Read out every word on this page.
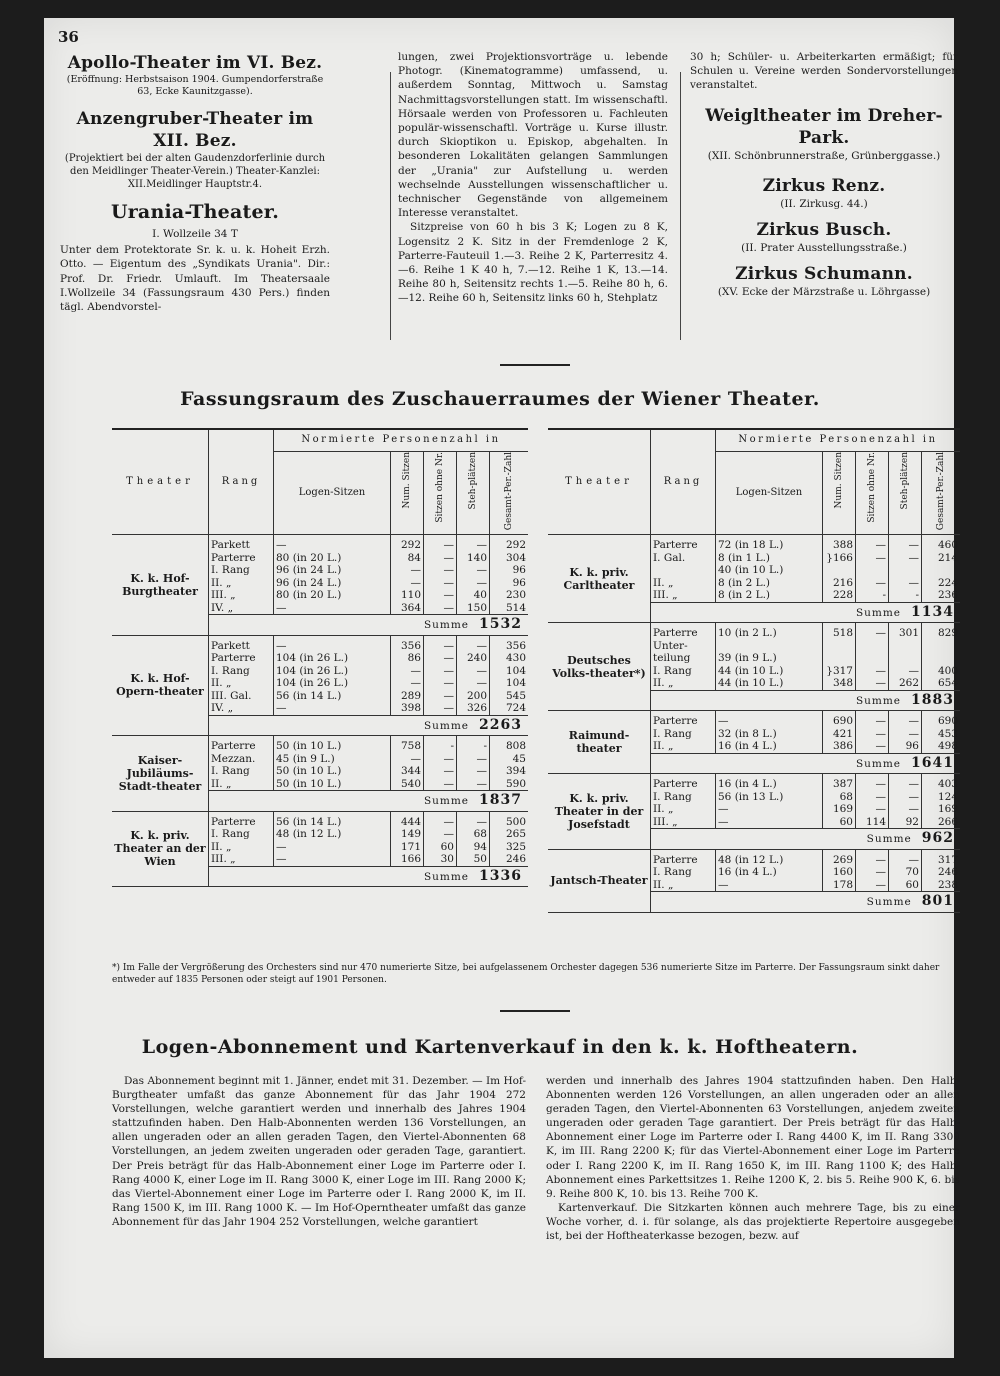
36
Apollo-Theater im VI. Bez.
(Eröffnung: Herbstsaison 1904. Gumpendorferstraße 63, Ecke Kaunitzgasse).
Anzengruber-Theater im XII. Bez.
(Projektiert bei der alten Gaudenzdorferlinie durch den Meidlinger Theater-Verein.) Theater-Kanzlei: XII.Meidlinger Hauptstr.4.
Urania-Theater.
I. Wollzeile 34 T
Unter dem Protektorate Sr. k. u. k. Hoheit Erzh. Otto. — Eigentum des „Syndikats Urania". Dir.: Prof. Dr. Friedr. Umlauft. Im Theatersaale I.Wollzeile 34 (Fassungsraum 430 Pers.) finden tägl. Abendvorstel-
lungen, zwei Projektionsvorträge u. lebende Photogr. (Kinematogramme) umfassend, u. außerdem Sonntag, Mittwoch u. Samstag Nachmittagsvorstellungen statt. Im wissenschaftl. Hörsaale werden von Professoren u. Fachleuten populär-wissenschaftl. Vorträge u. Kurse illustr. durch Skioptikon u. Episkop, abgehalten. In besonderen Lokalitäten gelangen Sammlungen der „Urania" zur Aufstellung u. werden wechselnde Ausstellungen wissenschaftlicher u. technischer Gegenstände von allgemeinem Interesse veranstaltet.
Sitzpreise von 60 h bis 3 K; Logen zu 8 K, Logensitz 2 K. Sitz in der Fremdenloge 2 K, Parterre-Fauteuil 1.—3. Reihe 2 K, Parterresitz 4.—6. Reihe 1 K 40 h, 7.—12. Reihe 1 K, 13.—14. Reihe 80 h, Seitensitz rechts 1.—5. Reihe 80 h, 6.—12. Reihe 60 h, Seitensitz links 60 h, Stehplatz
30 h; Schüler- u. Arbeiterkarten ermäßigt; für Schulen u. Vereine werden Sondervorstellungen veranstaltet.
Weigltheater im Dreher-Park.
(XII. Schönbrunnerstraße, Grünberggasse.)
Zirkus Renz.
(II. Zirkusg. 44.)
Zirkus Busch.
(II. Prater Ausstellungsstraße.)
Zirkus Schumann.
(XV. Ecke der Märzstraße u. Löhrgasse)
Fassungsraum des Zuschauerraumes der Wiener Theater.
Theater	Rang	Normierte Personenzahl in				
		Logen-Sitzen	Num. Sitzen	Sitzen ohne Nr.	Steh-plätzen	Gesamt-Per.-Zahl
K. k. Hof-Burgtheater	Parkett	—	292	—	—	292
	Parterre	80 (in 20 L.)	84	—	140	304
	I. Rang	96 (in 24 L.)	—	—	—	96
	II. „	96 (in 24 L.)	—	—	—	96
	III. „	80 (in 20 L.)	110	—	40	230
	IV. „	—	364	—	150	514
	Summe 1532					
K. k. Hof-Opern-theater	Parkett	—	356	—	—	356
	Parterre	104 (in 26 L.)	86	—	240	430
	I. Rang	104 (in 26 L.)	—	—	—	104
	II. „	104 (in 26 L.)	—	—	—	104
	III. Gal.	56 (in 14 L.)	289	—	200	545
	IV. „	—	398	—	326	724
	Summe 2263					
Kaiser-Jubiläums-Stadt-theater	Parterre	50 (in 10 L.)	758	-	-	808
	Mezzan.	45 (in 9 L.)	—	—	—	45
	I. Rang	50 (in 10 L.)	344	—	—	394
	II. „	50 (in 10 L.)	540	—	—	590
	Summe 1837					
K. k. priv. Theater an der Wien	Parterre	56 (in 14 L.)	444	—	—	500
	I. Rang	48 (in 12 L.)	149	—	68	265
	II. „	—	171	60	94	325
	III. „	—	166	30	50	246
	Summe 1336					
Theater	Rang	Normierte Personenzahl in				
		Logen-Sitzen	Num. Sitzen	Sitzen ohne Nr.	Steh-plätzen	Gesamt-Per.-Zahl
K. k. priv. Carltheater	Parterre	72 (in 18 L.)	388	—	—	460
	I. Gal.	8 (in 1 L.)	}166	—	—	214
		40 (in 10 L.)				
	II. „	8 (in 2 L.)	216	—	—	224
	III. „	8 (in 2 L.)	228	-	-	236
	Summe 1134					
Deutsches Volks-theater*)	Parterre	10 (in 2 L.)	518	—	301	829
	Unter-					
	teilung	39 (in 9 L.)				
	I. Rang	44 (in 10 L.)	}317	—	—	400
	II. „	44 (in 10 L.)	348	—	262	654
	Summe 1883					
Raimund-theater	Parterre	—	690	—	—	690
	I. Rang	32 (in 8 L.)	421	—	—	453
	II. „	16 (in 4 L.)	386	—	96	498
	Summe 1641					
K. k. priv. Theater in der Josefstadt	Parterre	16 (in 4 L.)	387	—	—	403
	I. Rang	56 (in 13 L.)	68	—	—	124
	II. „	—	169	—	—	169
	III. „	—	60	114	92	266
	Summe 962					
Jantsch-Theater	Parterre	48 (in 12 L.)	269	—	—	317
	I. Rang	16 (in 4 L.)	160	—	70	246
	II. „	—	178	—	60	238
	Summe 801					
*) Im Falle der Vergrößerung des Orchesters sind nur 470 numerierte Sitze, bei aufgelassenem Orchester dagegen 536 numerierte Sitze im Parterre. Der Fassungsraum sinkt daher entweder auf 1835 Personen oder steigt auf 1901 Personen.
Logen-Abonnement und Kartenverkauf in den k. k. Hoftheatern.

Das Abonnement beginnt mit 1. Jänner, endet mit 31. Dezember. — Im Hof-Burgtheater umfaßt das ganze Abonnement für das Jahr 1904 272 Vorstellungen, welche garantiert werden und innerhalb des Jahres 1904 stattzufinden haben. Den Halb-Abonnenten werden 136 Vorstellungen, an allen ungeraden oder an allen geraden Tagen, den Viertel-Abonnenten 68 Vorstellungen, an jedem zweiten ungeraden oder geraden Tage, garantiert. Der Preis beträgt für das Halb-Abonnement einer Loge im Parterre oder I. Rang 4000 K, einer Loge im II. Rang 3000 K, einer Loge im III. Rang 2000 K; das Viertel-Abonnement einer Loge im Parterre oder I. Rang 2000 K, im II. Rang 1500 K, im III. Rang 1000 K. — Im Hof-Operntheater umfaßt das ganze Abonnement für das Jahr 1904 252 Vorstellungen, welche garantiert

werden und innerhalb des Jahres 1904 stattzufinden haben. Den Halb-Abonnenten werden 126 Vorstellungen, an allen ungeraden oder an allen geraden Tagen, den Viertel-Abonnenten 63 Vorstellungen, anjedem zweiten ungeraden oder geraden Tage garantiert. Der Preis beträgt für das Halb-Abonnement einer Loge im Parterre oder I. Rang 4400 K, im II. Rang 3300 K, im III. Rang 2200 K; für das Viertel-Abonnement einer Loge im Parterre oder I. Rang 2200 K, im II. Rang 1650 K, im III. Rang 1100 K; des Halb-Abonnement eines Parkettsitzes 1. Reihe 1200 K, 2. bis 5. Reihe 900 K, 6. bis 9. Reihe 800 K, 10. bis 13. Reihe 700 K.

Kartenverkauf. Die Sitzkarten können auch mehrere Tage, bis zu einer Woche vorher, d. i. für solange, als das projektierte Repertoire ausgegeben ist, bei der Hoftheaterkasse bezogen, bezw. auf
